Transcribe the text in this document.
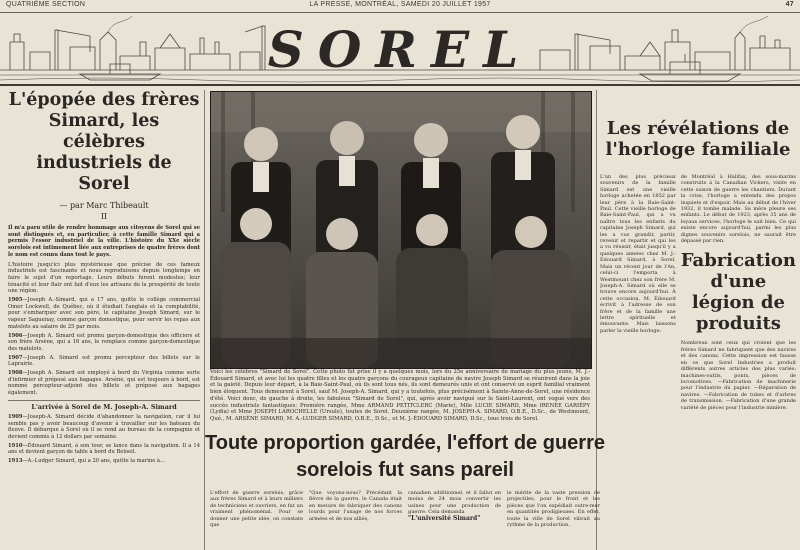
QUATRIÈME SECTION	LA PRESSE, MONTRÉAL, SAMEDI 20 JUILLET 1957	47
SOREL
L'épopée des frères Simard, les célèbres industriels de Sorel
— par Marc Thibeault
II

Il m'a paru utile de rendre hommage aux citoyens de Sorel qui se sont distingués et, en particulier, à cette famille Simard qui a permis l'essor industriel de la ville. L'histoire du XXe siècle sorelois est intimement liée aux entreprises de quatre frères dont le nom est connu dans tout le pays.

L'histoire jusqu'ici plus mystérieuse que précise de ces fameux industriels est fascinante et nous reproduisons depuis longtemps en faire le sujet d'un reportage. Leurs débuts furent modestes; leur ténacité et leur flair ont fait d'eux les artisans de la prospérité de toute une région.

1905—Joseph A.-Simard, qui a 17 ans, quitte le collège commercial Omer Lockwell, de Québec, où il étudiait l'anglais et la comptabilité, pour s'embarquer avec son père, le capitaine Joseph Simard, sur le vapeur Saguenay, comme garçon domestique, pour servir les repas aux matelots au salaire de 25 par mois.

1906—Joseph A. Simard est promu garçon-domestique des officiers et son frère Arsène, qui a 16 ans, le remplace comme garçon-domestique des matelots.

1907—Joseph A. Simard est promu percepteur des billets sur le Laprairie.

1908—Joseph A. Simard est employé à bord du Virginia comme sorte d'infirmier et préposé aux bagages. Arsène, qui est toujours à bord, est nommé percepteur-adjoint des billets et préposé aux bagages également.

L'arrivée à Sorel de M. Joseph-A. Simard

1909—Joseph-A. Simard décide d'abandonner la navigation, car il lui semble pas y avoir beaucoup d'avenir à travailler sur les bateaux du fleuve. Il débarque à Sorel où il se rend au bureau de la compagnie et devient commis à 12 dollars par semaine.

1910—Édouard Simard, à son tour, se lance dans la navigation. Il a 14 ans et devient garçon de table à bord du Beloeil.

1913—A.-Ludger Simard, qui a 20 ans, quitte la marine à...

Voici les célèbres "Simard de Sorel". Cette photo fut prise il y a quelques mois, lors du 25e anniversaire de mariage du plus jeune, M. J.-Édouard Simard, et avec lui les quatre filles et les quatre garçons du courageux capitaine de navire Joseph Simard se réunirent dans la joie et la gaieté. Depuis leur départ, à la Baie-Saint-Paul, où ils sont tous nés, ils sont demeurés unis et ont conservé un esprit familial vraiment bien éloquent. Tous demeurent à Sorel, sauf M. Joseph-A. Simard, qui y a toutefois, plus précisément à Sainte-Anne-de-Sorel, une résidence d'été. Voici donc, de gauche à droite, les fabuleux "Simard de Sorel", qui, après avoir navigué sur le Saint-Laurent, ont vogué vers des succès industriels fantastiques: Première rangée, Mme ARMAND PETITCLERC (Marie), Mlle LUCIE SIMARD, Mme IRENÉE GARIÉPY (Lydia) et Mme JOSEPH LAROCHELLE (Ursule), toutes de Sorel. Deuxième rangée, M. JOSEPH-A. SIMARD, O.B.E., D.Sc., de Westmount, Qué., M. ARSÈNE SIMARD, M. A.-LUDGER SIMARD, O.B.E., D.Sc., et M. J.-ÉDOUARD SIMARD, D.Sc., tous trois de Sorel.
Toute proportion gardée, l'effort de guerre sorelois fut sans pareil
L'effort de guerre sorelois, grâce aux frères Simard et à leurs milliers de techniciens et ouvriers, en fut un vraiment phénoménal. Pour se donner une petite idée, on constate que
"Que voyons-nous? Précédant la fièvre de la guerre, le Canada était en mesure de fabriquer des canons lourds pour l'usage de nos forces armées et de nos alliés,
canadien additionnel, et il fallut en moins de 24 mois convertir les usines pour une production de guerre. Cela demanda
"L'université Simard"
le mérite de la vaste pression de projectiles, pour le front et les pièces que l'on expédiait outre-mer en quantités prodigieuses. En effet, toute la ville de Sorel vibrait au rythme de la production.
Les révélations de l'horloge familiale
L'un des plus précieux souvenirs de la famille Simard est une vieille horloge achetée en 1852 par leur père à la Baie-Saint-Paul. Cette vieille horloge de Baie-Saint-Paul, qui a vu naître tous les enfants du capitaine Joseph Simard, qui les a vus grandir, partir, revenir et repartir et qui les a vu réussir, était jusqu'il y a quelques années chez M. J.-Édouard Simard, à Sorel. Mais un récent jour de l'An, celui-ci l'emporta à Westmount chez son frère M. Joseph-A. Simard où elle se trouve encore aujourd'hui. À cette occasion, M. Édouard écrivit à l'adresse de son frère et de la famille une lettre spirituelle et émouvante. Mais laissons parler la vieille horloge:
de Montréal à Halifax, des sous-marins construits à la Canadian Vickers, visite en cette saison de guerre les chantiers. Durant la crise, l'horloge a entendu des propos inquiets et d'espoir. Mais au début de l'hiver 1932, il tombe malade. Sa mère pleure ses enfants. Le début de 1923, après 35 ans de loyaux services, l'horloge le sait bien. Ce qui existe encore aujourd'hui, parmi les plus dignes souvenirs sorelois, ne saurait être dépassé par rien.
Fabrication d'une légion de produits
Nombreux sont ceux qui croient que les frères Simard ne fabriquent que des navires et des canons. Cette impression est fausse en ce que Sorel Industries a produit différents autres articles des plus variés: machines-outils, ponts, pièces de locomotives. —Fabrication de machinerie pour l'industrie du papier. —Réparation de navires. —Fabrication de tubes et d'arbres de transmission. —Fabrication d'une grande variété de pièces pour l'industrie minière.
